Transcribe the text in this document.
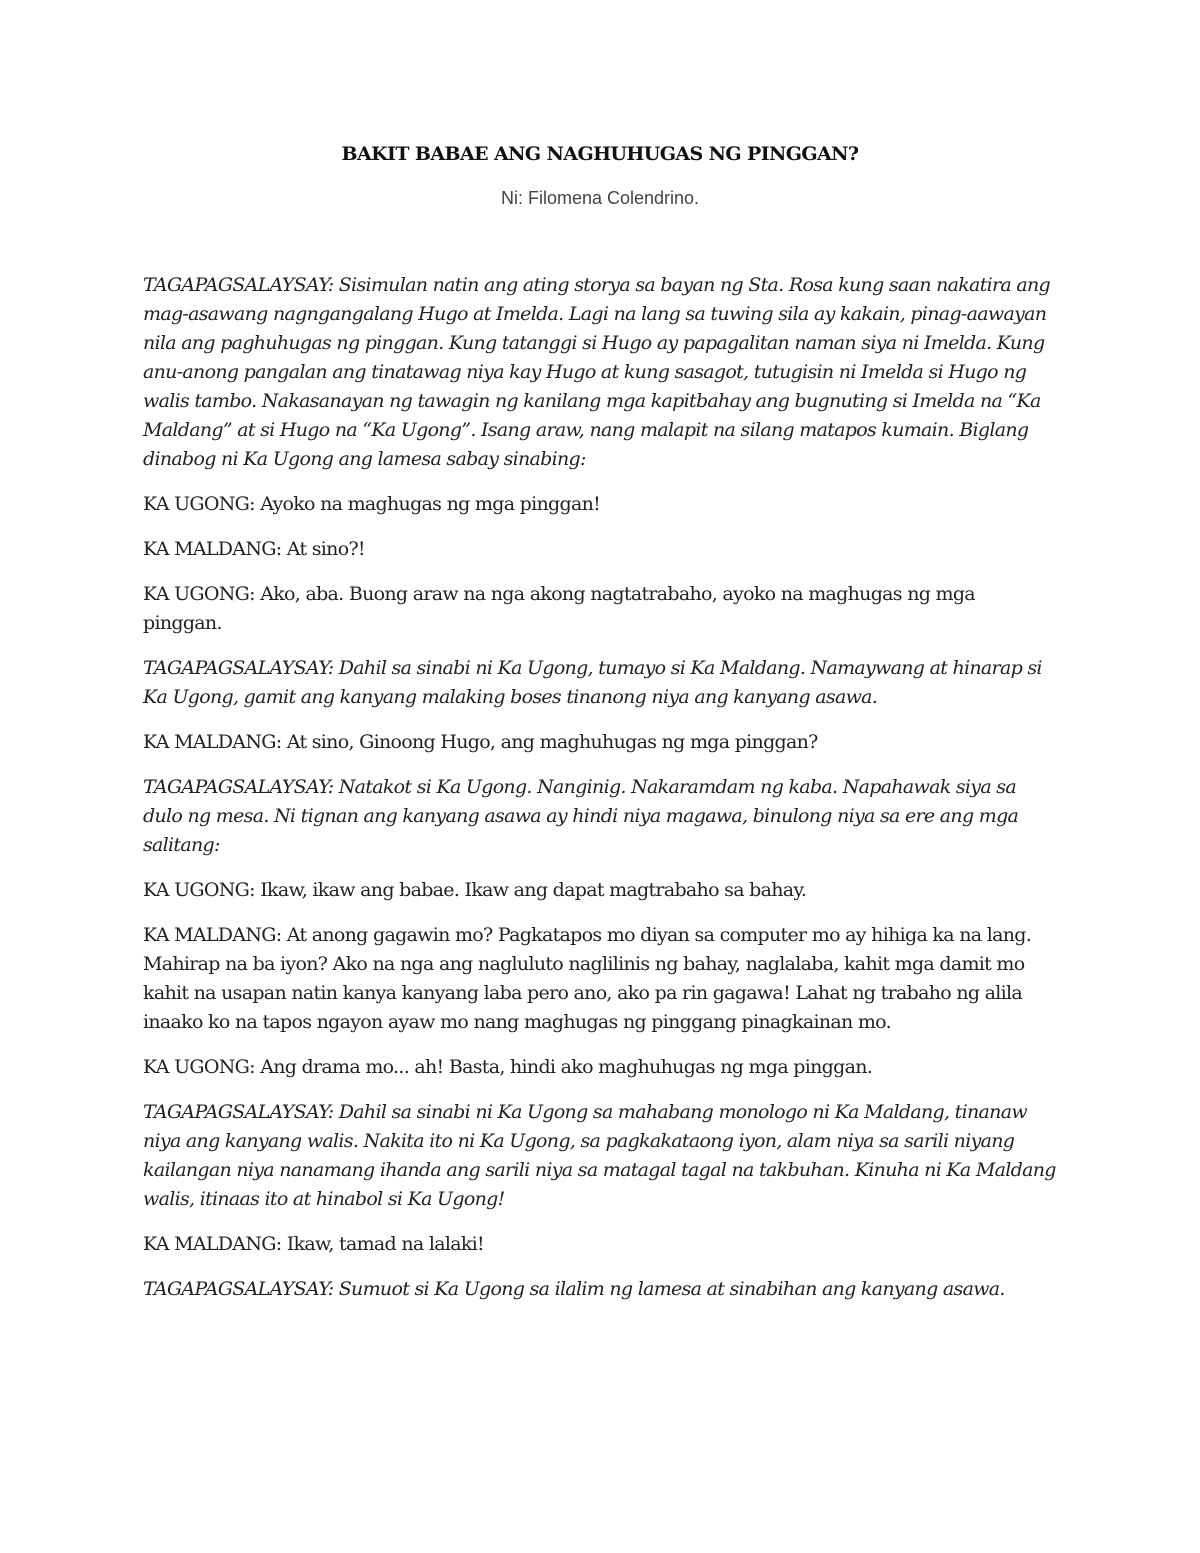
BAKIT BABAE ANG NAGHUHUGAS NG PINGGAN?
Ni: Filomena Colendrino.

TAGAPAGSALAYSAY: Sisimulan natin ang ating storya sa bayan ng Sta. Rosa kung saan nakatira ang mag-asawang nagngangalang Hugo at Imelda. Lagi na lang sa tuwing sila ay kakain, pinag-aawayan nila ang paghuhugas ng pinggan. Kung tatanggi si Hugo ay papagalitan naman siya ni Imelda. Kung anu-anong pangalan ang tinatawag niya kay Hugo at kung sasagot, tutugisin ni Imelda si Hugo ng walis tambo. Nakasanayan ng tawagin ng kanilang mga kapitbahay ang bugnuting si Imelda na “Ka Maldang” at si Hugo na “Ka Ugong”. Isang araw, nang malapit na silang matapos kumain. Biglang dinabog ni Ka Ugong ang lamesa sabay sinabing:

KA UGONG: Ayoko na maghugas ng mga pinggan!

KA MALDANG: At sino?!

KA UGONG: Ako, aba. Buong araw na nga akong nagtatrabaho, ayoko na maghugas ng mga pinggan.

TAGAPAGSALAYSAY: Dahil sa sinabi ni Ka Ugong, tumayo si Ka Maldang. Namaywang at hinarap si Ka Ugong, gamit ang kanyang malaking boses tinanong niya ang kanyang asawa.

KA MALDANG: At sino, Ginoong Hugo, ang maghuhugas ng mga pinggan?

TAGAPAGSALAYSAY: Natakot si Ka Ugong. Nanginig. Nakaramdam ng kaba. Napahawak siya sa dulo ng mesa. Ni tignan ang kanyang asawa ay hindi niya magawa, binulong niya sa ere ang mga salitang:

KA UGONG: Ikaw, ikaw ang babae. Ikaw ang dapat magtrabaho sa bahay.

KA MALDANG: At anong gagawin mo? Pagkatapos mo diyan sa computer mo ay hihiga ka na lang. Mahirap na ba iyon? Ako na nga ang nagluluto naglilinis ng bahay, naglalaba, kahit mga damit mo kahit na usapan natin kanya kanyang laba pero ano, ako pa rin gagawa! Lahat ng trabaho ng alila inaako ko na tapos ngayon ayaw mo nang maghugas ng pinggang pinagkainan mo.

KA UGONG: Ang drama mo... ah! Basta, hindi ako maghuhugas ng mga pinggan.

TAGAPAGSALAYSAY: Dahil sa sinabi ni Ka Ugong sa mahabang monologo ni Ka Maldang, tinanaw niya ang kanyang walis. Nakita ito ni Ka Ugong, sa pagkakataong iyon, alam niya sa sarili niyang kailangan niya nanamang ihanda ang sarili niya sa matagal tagal na takbuhan. Kinuha ni Ka Maldang walis, itinaas ito at hinabol si Ka Ugong!

KA MALDANG: Ikaw, tamad na lalaki!

TAGAPAGSALAYSAY: Sumuot si Ka Ugong sa ilalim ng lamesa at sinabihan ang kanyang asawa.
